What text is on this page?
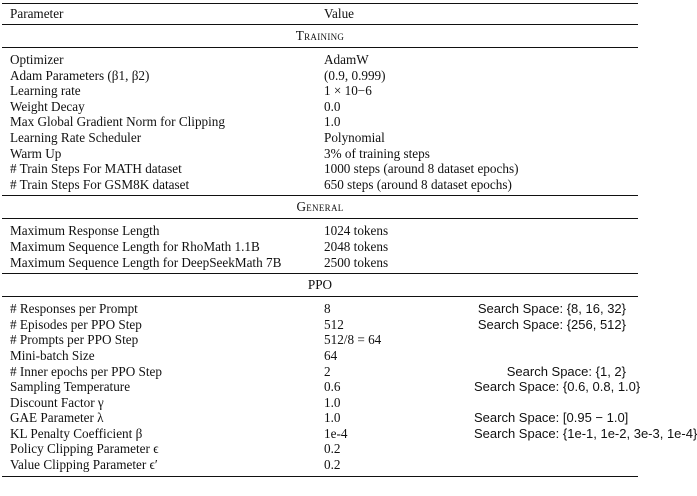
Parameter	Value
Training
Optimizer	AdamW
Adam Parameters (β1, β2)	(0.9, 0.999)
Learning rate	1 × 10−6
Weight Decay	0.0
Max Global Gradient Norm for Clipping	1.0
Learning Rate Scheduler	Polynomial
Warm Up	3% of training steps
# Train Steps For MATH dataset	1000 steps (around 8 dataset epochs)
# Train Steps For GSM8K dataset	650 steps (around 8 dataset epochs)
General
Maximum Response Length	1024 tokens
Maximum Sequence Length for RhoMath 1.1B	2048 tokens
Maximum Sequence Length for DeepSeekMath 7B	2500 tokens
PPO
# Responses per Prompt	8	Search Space: {8, 16, 32}
# Episodes per PPO Step	512	Search Space: {256, 512}
# Prompts per PPO Step	512/8 = 64
Mini-batch Size	64
# Inner epochs per PPO Step	2	Search Space: {1, 2}
Sampling Temperature	0.6	Search Space: {0.6, 0.8, 1.0}
Discount Factor γ	1.0
GAE Parameter λ	1.0	Search Space: [0.95 − 1.0]
KL Penalty Coefficient β	1e-4	Search Space: {1e-1, 1e-2, 3e-3, 1e-4}
Policy Clipping Parameter ϵ	0.2
Value Clipping Parameter ϵ′	0.2
